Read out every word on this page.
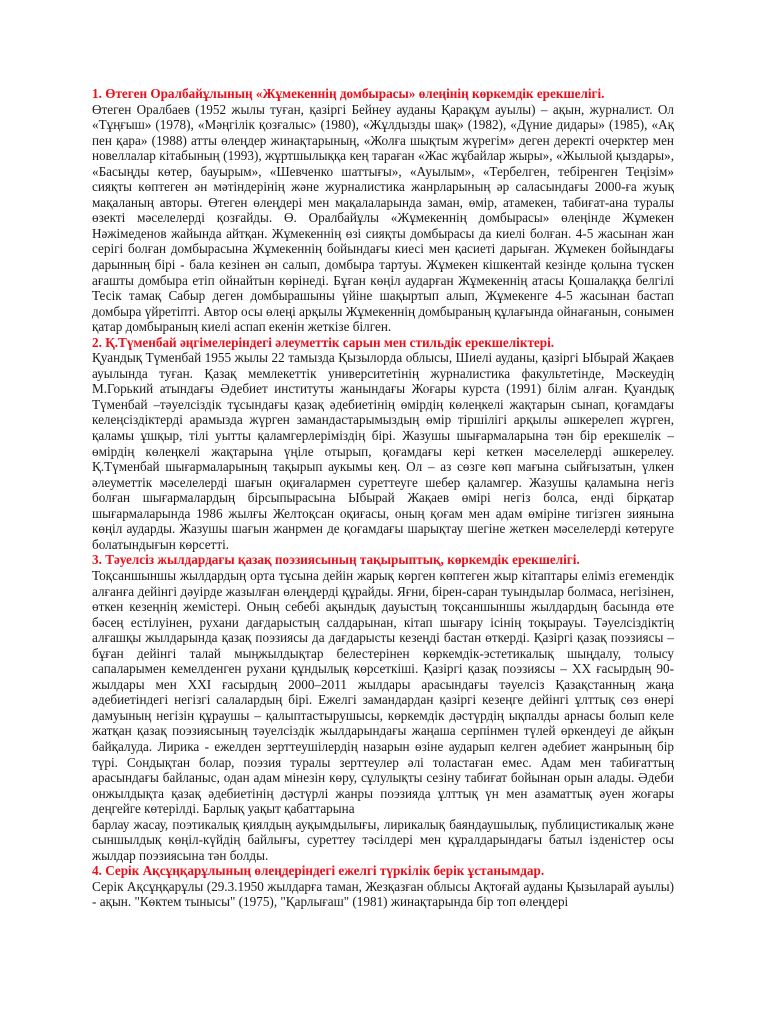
1. Өтеген Оралбайұлының «Жұмекеннің домбырасы» өлеңінің көркемдік ерекшелігі.

Өтеген Оралбаев (1952 жылы туған, қазіргі Бейнеу ауданы Қарақұм ауылы) – ақын, журналист. Ол «Тұңғыш» (1978), «Мәңгілік қозғалыс» (1980), «Жұлдызды шақ» (1982), «Дүние дидары» (1985), «Ақ пен қара» (1988) атты өлеңдер жинақтарының, «Жолға шықтым жүрегім» деген деректі очерктер мен новеллалар кітабының (1993), жұртшылыққа кең тараған «Жас жұбайлар жыры», «Жылыой қыздары», «Басыңды көтер, бауырым», «Шевченко шаттығы», «Ауылым», «Тербелген, тебіренген Теңізім» сияқты көптеген ән мәтіндерінің және журналистика жанрларының әр саласындағы 2000-ға жуық мақаланың авторы. Өтеген өлеңдері мен мақалаларында заман, өмір, атамекен, табиғат-ана туралы өзекті мәселелерді қозғайды. Ө. Оралбайұлы «Жұмекеннің домбырасы» өлеңінде Жұмекен Нәжімеденов жайында айтқан. Жұмекеннің өзі сияқты домбырасы да киелі болған. 4-5 жасынан жан серігі болған домбырасына Жұмекеннің бойындағы киесі мен қасиеті дарыған. Жұмекен бойындағы дарынның бірі - бала кезінен ән салып, домбыра тартуы. Жұмекен кішкентай кезінде қолына түскен ағашты домбыра етіп ойнайтын көрінеді. Бұған көңіл аударған Жұмекеннің атасы Қошалаққа белгілі Тесік тамақ Сабыр деген домбырашыны үйіне шақыртып алып, Жұмекенге 4-5 жасынан бастап домбыра үйретіпті. Автор осы өлеңі арқылы Жұмекеннің домбыраның құлағында ойнағанын, сонымен қатар домбыраның киелі аспап екенін жеткізе білген.

2. Қ.Түменбай әңгімелеріндегі әлеуметтік сарын мен стильдік ерекшеліктері.

Қуандық Түменбай 1955 жылы 22 тамызда Қызылорда облысы, Шиелі ауданы, қазіргі Ыбырай Жақаев ауылында туған. Қазақ мемлекеттік университетінің журналистика факультетінде, Мәскеудің М.Горький атындағы Әдебиет институты жанындағы Жоғары курста (1991) білім алған. Қуандық Түменбай –тәуелсіздік тұсындағы қазақ әдебиетінің өмірдің көлеңкелі жақтарын сынап, қоғамдағы келеңсіздіктерді арамызда жүрген замандастарымыздың өмір тіршілігі арқылы әшкерелеп жүрген, қаламы ұшқыр, тілі уытты қаламгерлеріміздің бірі. Жазушы шығармаларына тән бір ерекшелік – өмірдің көлеңкелі жақтарына үңіле отырып, қоғамдағы кері кеткен мәселелерді әшкерелеу. Қ.Түменбай шығармаларының тақырып аукымы кең. Ол – аз сөзге көп мағына сыйғызатын, үлкен әлеуметтік мәселелерді шағын оқиғалармен суреттеуге шебер қаламгер. Жазушы қаламына негіз болған шығармалардың бірсыпырасына Ыбырай Жақаев өмірі негіз болса, енді бірқатар шығармаларында 1986 жылғы Желтоқсан оқиғасы, оның қоғам мен адам өміріне тигізген зиянына көңіл аударды. Жазушы шағын жанрмен де қоғамдағы шарықтау шегіне жеткен мәселелерді көтеруге болатындығын көрсетті.

3. Тәуелсіз жылдардағы қазақ поэзиясының тақырыптық, көркемдік ерекшелігі.

Тоқсаншыншы жылдардың орта тұсына дейін жарық көрген көптеген жыр кітаптары еліміз егемендік алғанға дейінгі дәуірде жазылған өлеңдерді құрайды. Яғни, бірен-саран туындылар болмаса, негізінен, өткен кезеңнің жемістері. Оның себебі ақындық дауыстың тоқсаншыншы жылдардың басында өте бәсең естілуінен, рухани дағдарыстың салдарынан, кітап шығару ісінің тоқырауы. Тәуелсіздіктің алғашқы жылдарында қазақ поэзиясы да дағдарысты кезеңді бастан өткерді. Қазіргі қазақ поэзиясы – бұған дейінгі талай мыңжылдықтар белестерінен көркемдік-эстетикалық шыңдалу, толысу сапаларымен кемелденген рухани құндылық көрсеткіші. Қазіргі қазақ поэзиясы – XX ғасырдың 90-жылдары мен XXI ғасырдың 2000–2011 жылдары арасындағы тәуелсіз Қазақстанның жаңа әдебиетіндегі негізгі салалардың бірі. Ежелгі замандардан қазіргі кезеңге дейінгі ұлттық сөз өнері дамуының негізін құраушы – қалыптастырушысы, көркемдік дәстүрдің ықпалды арнасы болып келе жатқан қазақ поэзиясының тәуелсіздік жылдарындағы жаңаша серпінмен түлей өркендеуі де айқын байқалуда. Лирика - ежелден зерттеушілердің назарын өзіне аударып келген әдебиет жанрының бір түрі. Сондықтан болар, поэзия туралы зерттеулер әлі толастаған емес. Адам мен табиғаттың арасындағы байланыс, одан адам мінезін көру, сұлулықты сезіну табиғат бойынан орын алады. Әдеби онжылдықта қазақ әдебиетінің дәстүрлі жанры поэзияда ұлттық үн мен азаматтық әуен жоғары деңгейге көтерілді. Барлық уақыт қабаттарына

барлау жасау, поэтикалық қиялдың ауқымдылығы, лирикалық баяндаушылық, публицистикалық және сыншылдық көңіл-күйдің байлығы, суреттеу тәсілдері мен құралдарындағы батыл ізденістер осы жылдар поэзиясына тән болды.

4. Серік Ақсұңқарұлының өлеңдеріндегі ежелгі түркілік берік ұстанымдар.

Серік Ақсұңқарұлы (29.3.1950 жылдарға таман, Жезқазған облысы Ақтоғай ауданы Қызыларай ауылы) - ақын. "Көктем тынысы" (1975), "Қарлығаш" (1981) жинақтарында бір топ өлеңдері
